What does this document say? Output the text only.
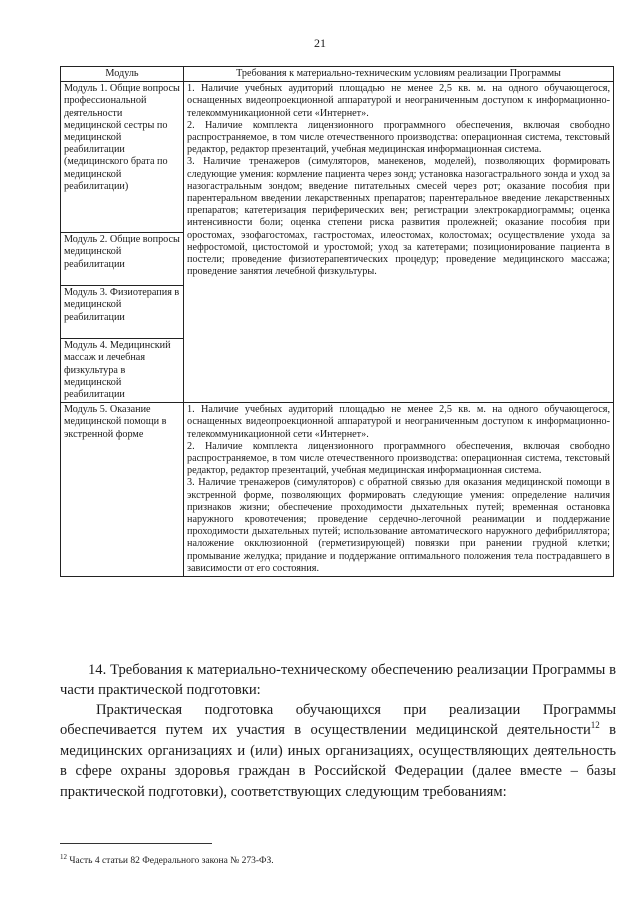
21
Модуль	Требования к материально-техническим условиям реализации Программы

Модуль 1. Общие вопросы профессиональной деятельности медицинской сестры по медицинской реабилитации (медицинского брата по медицинской реабилитации)	1. Наличие учебных аудиторий площадью не менее 2,5 кв. м. на одного обучающегося, оснащенных видеопроекционной аппаратурой и неограниченным доступом к информационно-телекоммуникационной сети «Интернет».

2. Наличие комплекта лицензионного программного обеспечения, включая свободно распространяемое, в том числе отечественного производства: операционная система, текстовый редактор, редактор презентаций, учебная медицинская информационная система.

3. Наличие тренажеров (симуляторов, манекенов, моделей), позволяющих формировать следующие умения: кормление пациента через зонд; установка назогастрального зонда и уход за назогастральным зондом; введение питательных смесей через рот; оказание пособия при парентеральном введении лекарственных препаратов; парентеральное введение лекарственных препаратов; катетеризация периферических вен; регистрации электрокардиограммы; оценка интенсивности боли; оценка степени риска развития пролежней; оказание пособия при оростомах, эзофагостомах, гастростомах, илеостомах, колостомах; осуществление ухода за нефростомой, цистостомой и уростомой; уход за катетерами; позиционирование пациента в постели; проведение физиотерапевтических процедур; проведение медицинского массажа; проведение занятия лечебной физкультуры.

Модуль 2. Общие вопросы медицинской реабилитации	

Модуль 3. Физиотерапия в медицинской реабилитации	

Модуль 4. Медицинский массаж и лечебная физкультура в медицинской реабилитации	

Модуль 5. Оказание медицинской помощи в экстренной форме	1. Наличие учебных аудиторий площадью не менее 2,5 кв. м. на одного обучающегося, оснащенных видеопроекционной аппаратурой и неограниченным доступом к информационно-телекоммуникационной сети «Интернет».

2. Наличие комплекта лицензионного программного обеспечения, включая свободно распространяемое, в том числе отечественного производства: операционная система, текстовый редактор, редактор презентаций, учебная медицинская информационная система.

3. Наличие тренажеров (симуляторов) с обратной связью для оказания медицинской помощи в экстренной форме, позволяющих формировать следующие умения: определение наличия признаков жизни; обеспечение проходимости дыхательных путей; временная остановка наружного кровотечения; проведение сердечно-легочной реанимации и поддержание проходимости дыхательных путей; использование автоматического наружного дефибриллятора; наложение окклюзионной (герметизирующей) повязки при ранении грудной клетки; промывание желудка; придание и поддержание оптимального положения тела пострадавшего в зависимости от его состояния.

14. Требования к материально-техническому обеспечению реализации Программы в части практической подготовки:

Практическая подготовка обучающихся при реализации Программы обеспечивается путем их участия в осуществлении медицинской деятельности$^{12}$ в медицинских организациях и (или) иных организациях, осуществляющих деятельность в сфере охраны здоровья граждан в Российской Федерации (далее вместе – базы практической подготовки), соответствующих следующим требованиям:

$^{12}$ Часть 4 статьи 82 Федерального закона № 273-ФЗ.
